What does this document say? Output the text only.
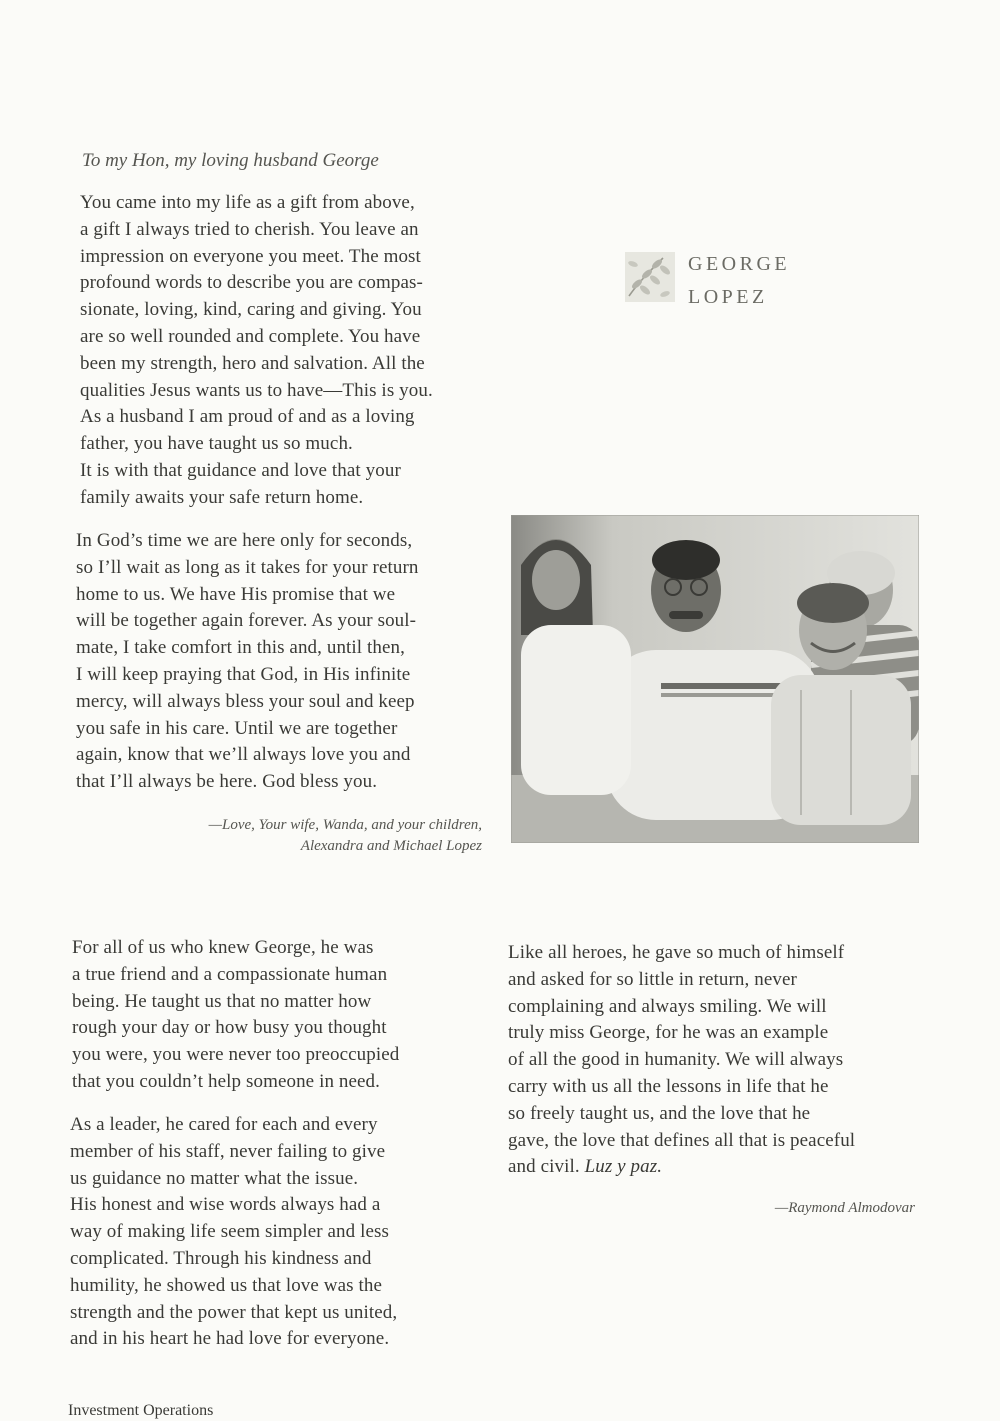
To my Hon, my loving husband George

You came into my life as a gift from above,
a gift I always tried to cherish. You leave an
impression on everyone you meet. The most
profound words to describe you are compas-
sionate, loving, kind, caring and giving. You
are so well rounded and complete. You have
been my strength, hero and salvation. All the
qualities Jesus wants us to have—This is you.
As a husband I am proud of and as a loving
father, you have taught us so much.
It is with that guidance and love that your
family awaits your safe return home.

In God’s time we are here only for seconds,
so I’ll wait as long as it takes for your return
home to us. We have His promise that we
will be together again forever. As your soul-
mate, I take comfort in this and, until then,
I will keep praying that God, in His infinite
mercy, will always bless your soul and keep
you safe in his care. Until we are together
again, know that we’ll always love you and
that I’ll always be here. God bless you.

—Love, Your wife, Wanda, and your children,
Alexandra and Michael Lopez
GEORGE
LOPEZ

For all of us who knew George, he was
a true friend and a compassionate human
being. He taught us that no matter how
rough your day or how busy you thought
you were, you were never too preoccupied
that you couldn’t help someone in need.

As a leader, he cared for each and every
member of his staff, never failing to give
us guidance no matter what the issue.
His honest and wise words always had a
way of making life seem simpler and less
complicated. Through his kindness and
humility, he showed us that love was the
strength and the power that kept us united,
and in his heart he had love for everyone.

Like all heroes, he gave so much of himself
and asked for so little in return, never
complaining and always smiling. We will
truly miss George, for he was an example
of all the good in humanity. We will always
carry with us all the lessons in life that he
so freely taught us, and the love that he
gave, the love that defines all that is peaceful
and civil. Luz y paz.

—Raymond Almodovar
Investment Operations
